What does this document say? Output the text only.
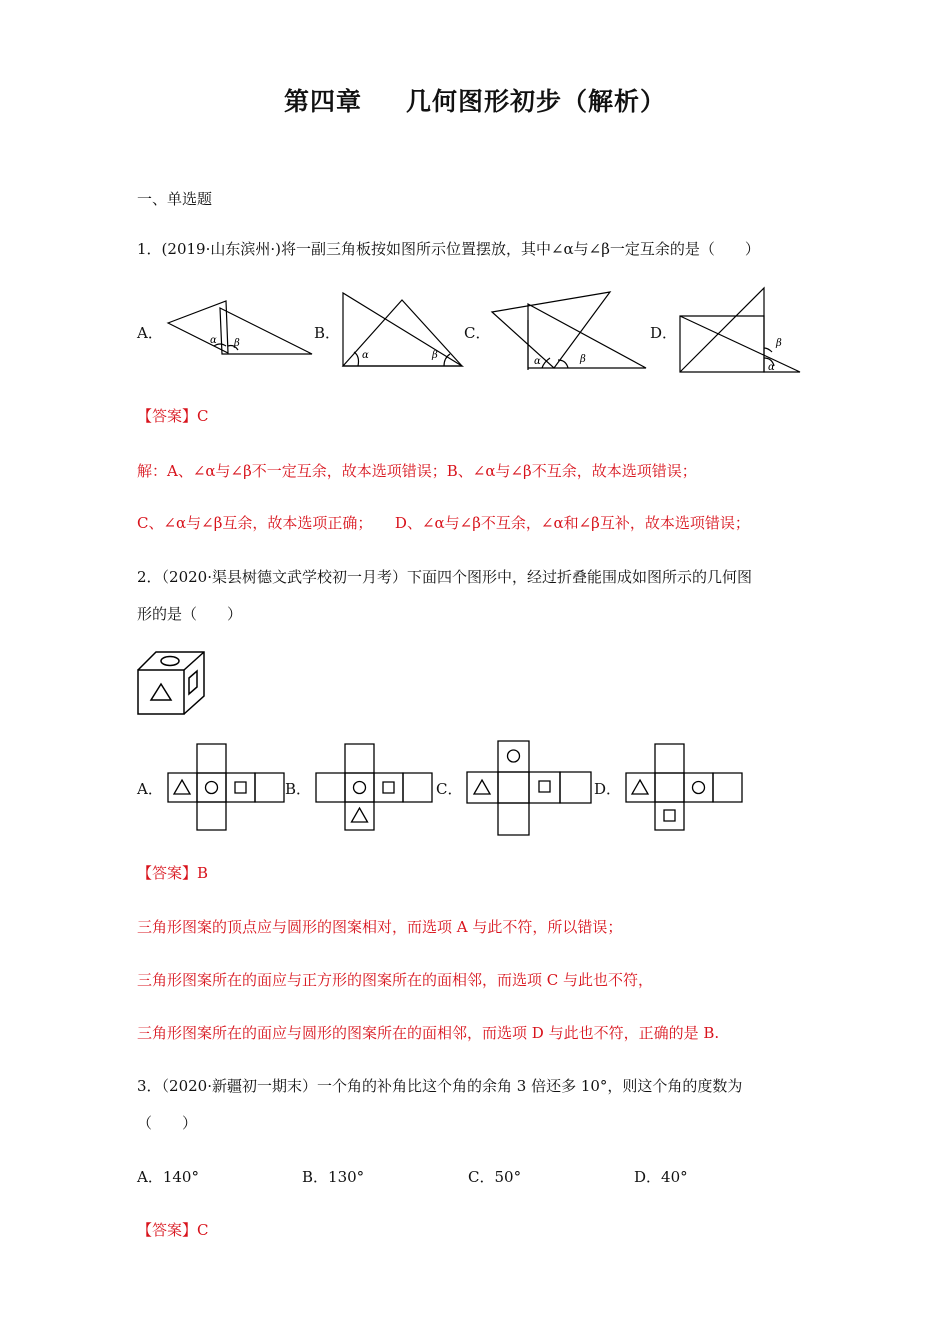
第四章 几何图形初步（解析）
一、单选题
1．(2019·山东滨州·)将一副三角板按如图所示位置摆放，其中∠α与∠β一定互余的是（　　）
A．	B．	C．	D．
α β
α	β
α	β
α
β
【答案】C
解：A、∠α与∠β不一定互余，故本选项错误；B、∠α与∠β不互余，故本选项错误；
C、∠α与∠β互余，故本选项正确；　　D、∠α与∠β不互余，∠α和∠β互补，故本选项错误；
2．（2020·渠县树德文武学校初一月考）下面四个图形中，经过折叠能围成如图所示的几何图
形的是（　　）
A．	B．	C．	D．
【答案】B
三角形图案的顶点应与圆形的图案相对，而选项 A 与此不符，所以错误；
三角形图案所在的面应与正方形的图案所在的面相邻，而选项 C 与此也不符，
三角形图案所在的面应与圆形的图案所在的面相邻，而选项 D 与此也不符，正确的是 B.
3．（2020·新疆初一期末）一个角的补角比这个角的余角 3 倍还多 10°，则这个角的度数为
（　　）
A．140°	B．130°	C．50°	D．40°
【答案】C
